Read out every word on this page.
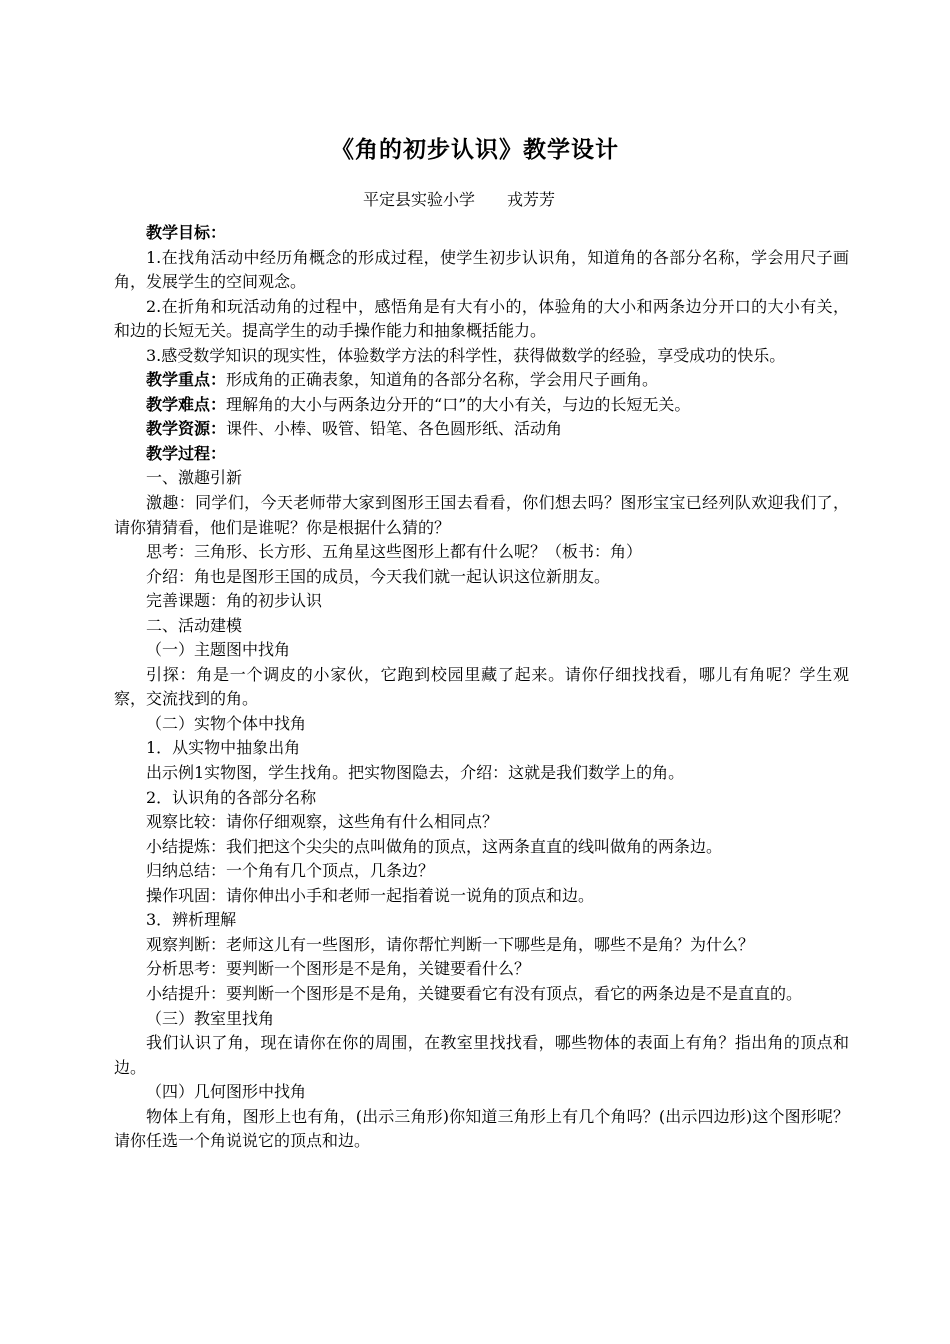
《角的初步认识》教学设计
平定县实验小学　　戎芳芳

教学目标：

1.在找角活动中经历角概念的形成过程，使学生初步认识角，知道角的各部分名称，学会用尺子画角，发展学生的空间观念。

2.在折角和玩活动角的过程中，感悟角是有大有小的，体验角的大小和两条边分开口的大小有关，和边的长短无关。提高学生的动手操作能力和抽象概括能力。

3.感受数学知识的现实性，体验数学方法的科学性，获得做数学的经验，享受成功的快乐。

教学重点：形成角的正确表象，知道角的各部分名称，学会用尺子画角。

教学难点：理解角的大小与两条边分开的“口”的大小有关，与边的长短无关。

教学资源：课件、小棒、吸管、铅笔、各色圆形纸、活动角

教学过程：

一、激趣引新

激趣：同学们，今天老师带大家到图形王国去看看，你们想去吗？图形宝宝已经列队欢迎我们了，请你猜猜看，他们是谁呢？你是根据什么猜的？

思考：三角形、长方形、五角星这些图形上都有什么呢？（板书：角）

介绍：角也是图形王国的成员，今天我们就一起认识这位新朋友。

完善课题：角的初步认识

二、活动建模

（一）主题图中找角

引探：角是一个调皮的小家伙，它跑到校园里藏了起来。请你仔细找找看，哪儿有角呢？学生观察，交流找到的角。

（二）实物个体中找角

1．从实物中抽象出角

出示例1实物图，学生找角。把实物图隐去，介绍：这就是我们数学上的角。

2．认识角的各部分名称

观察比较：请你仔细观察，这些角有什么相同点？

小结提炼：我们把这个尖尖的点叫做角的顶点，这两条直直的线叫做角的两条边。

归纳总结：一个角有几个顶点，几条边？

操作巩固：请你伸出小手和老师一起指着说一说角的顶点和边。

3．辨析理解

观察判断：老师这儿有一些图形，请你帮忙判断一下哪些是角，哪些不是角？为什么？

分析思考：要判断一个图形是不是角，关键要看什么？

小结提升：要判断一个图形是不是角，关键要看它有没有顶点，看它的两条边是不是直直的。

（三）教室里找角

我们认识了角，现在请你在你的周围，在教室里找找看，哪些物体的表面上有角？指出角的顶点和边。

（四）几何图形中找角

物体上有角，图形上也有角，(出示三角形)你知道三角形上有几个角吗？(出示四边形)这个图形呢？请你任选一个角说说它的顶点和边。
